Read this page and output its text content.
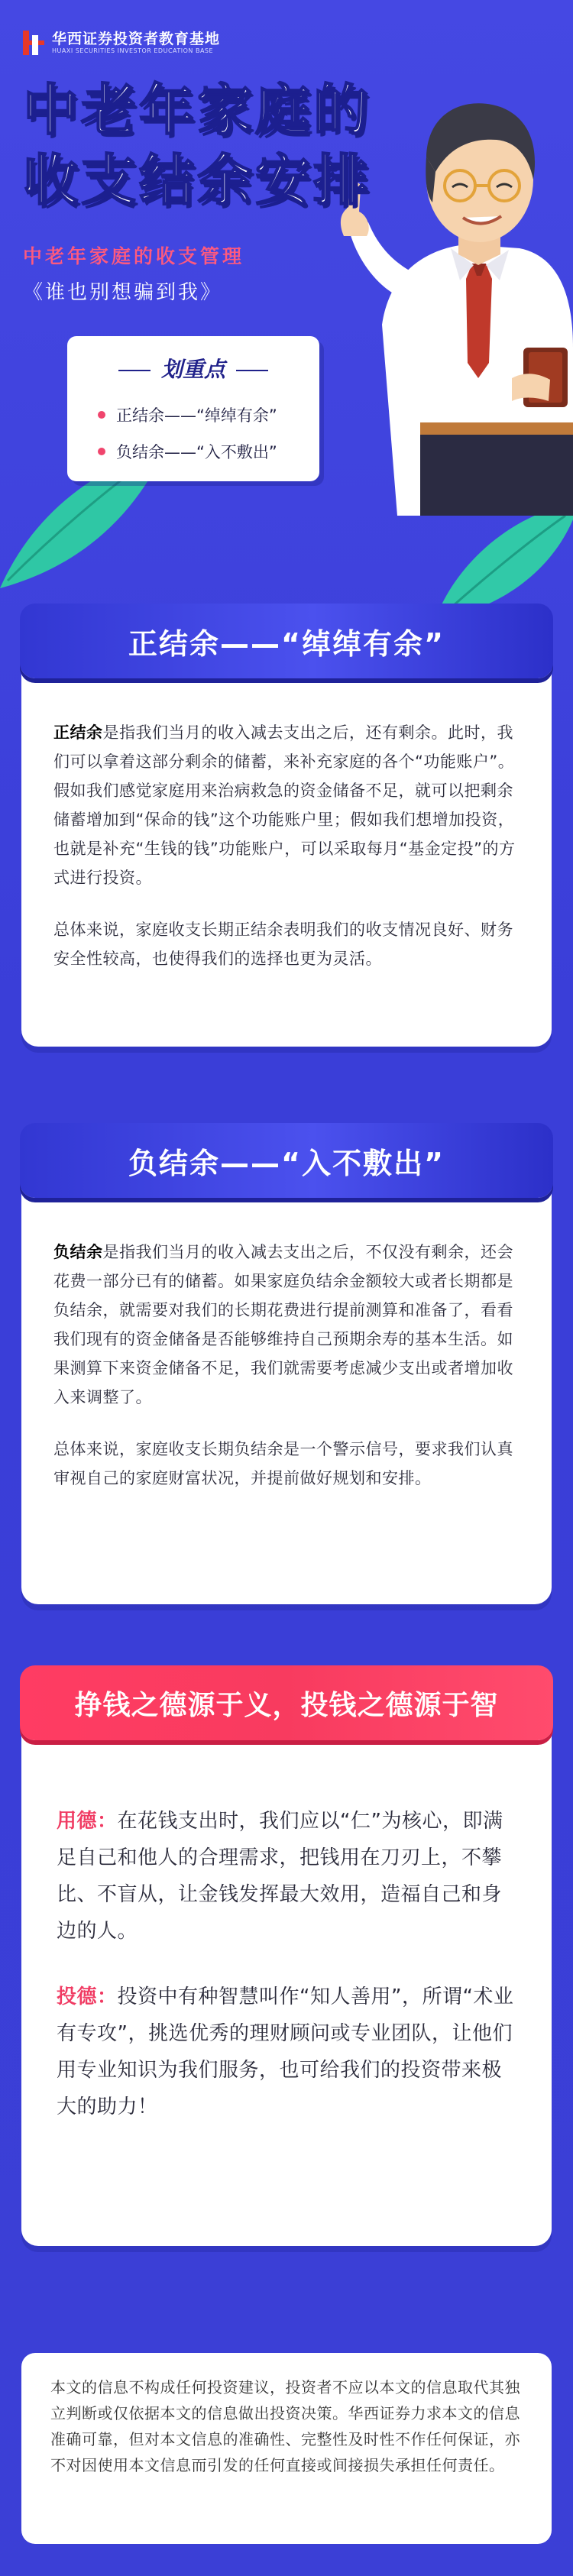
华西证券投资者教育基地
HUAXI SECURITIES INVESTOR EDUCATION BASE
中老年家庭的
收支结余安排
中老年家庭的收支管理
《谁也别想骗到我》
划重点
正结余——“绰绰有余”
负结余——“入不敷出”
正结余——“绰绰有余”

正结余是指我们当月的收入减去支出之后，还有剩余。此时，我们可以拿着这部分剩余的储蓄，来补充家庭的各个“功能账户”。假如我们感觉家庭用来治病救急的资金储备不足，就可以把剩余储蓄增加到“保命的钱”这个功能账户里；假如我们想增加投资，也就是补充“生钱的钱”功能账户，可以采取每月“基金定投”的方式进行投资。

总体来说，家庭收支长期正结余表明我们的收支情况良好、财务安全性较高，也使得我们的选择也更为灵活。

负结余——“入不敷出”

负结余是指我们当月的收入减去支出之后，不仅没有剩余，还会花费一部分已有的储蓄。如果家庭负结余金额较大或者长期都是负结余，就需要对我们的长期花费进行提前测算和准备了，看看我们现有的资金储备是否能够维持自己预期余寿的基本生活。如果测算下来资金储备不足，我们就需要考虑减少支出或者增加收入来调整了。

总体来说，家庭收支长期负结余是一个警示信号，要求我们认真审视自己的家庭财富状况，并提前做好规划和安排。

挣钱之德源于义，投钱之德源于智

用德：在花钱支出时，我们应以“仁”为核心，即满足自己和他人的合理需求，把钱用在刀刃上，不攀比、不盲从，让金钱发挥最大效用，造福自己和身边的人。

投德：投资中有种智慧叫作“知人善用”，所谓“术业有专攻”，挑选优秀的理财顾问或专业团队，让他们用专业知识为我们服务，也可给我们的投资带来极大的助力！

本文的信息不构成任何投资建议，投资者不应以本文的信息取代其独立判断或仅依据本文的信息做出投资决策。华西证券力求本文的信息准确可靠，但对本文信息的准确性、完整性及时性不作任何保证，亦不对因使用本文信息而引发的任何直接或间接损失承担任何责任。
